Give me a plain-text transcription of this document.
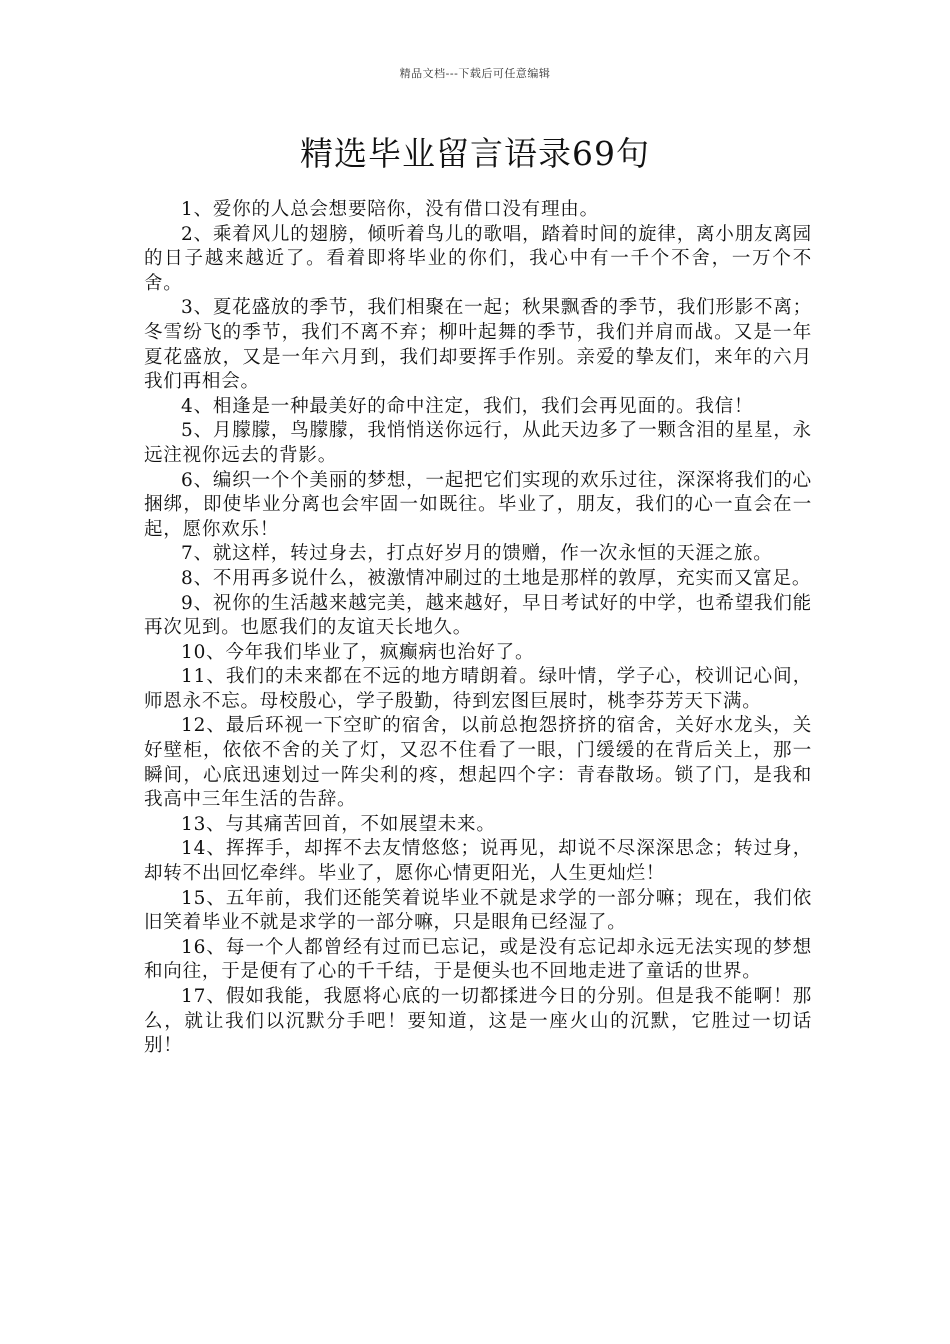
精品文档---下载后可任意编辑
精选毕业留言语录69句

1、爱你的人总会想要陪你，没有借口没有理由。

2、乘着风儿的翅膀，倾听着鸟儿的歌唱，踏着时间的旋律，离小朋友离园的日子越来越近了。看着即将毕业的你们，我心中有一千个不舍，一万个不舍。

3、夏花盛放的季节，我们相聚在一起；秋果飘香的季节，我们形影不离；冬雪纷飞的季节，我们不离不弃；柳叶起舞的季节，我们并肩而战。又是一年夏花盛放，又是一年六月到，我们却要挥手作别。亲爱的挚友们，来年的六月我们再相会。

4、相逢是一种最美好的命中注定，我们，我们会再见面的。我信！

5、月朦朦，鸟朦朦，我悄悄送你远行，从此天边多了一颗含泪的星星，永远注视你远去的背影。

6、编织一个个美丽的梦想，一起把它们实现的欢乐过往，深深将我们的心捆绑，即使毕业分离也会牢固一如既往。毕业了，朋友，我们的心一直会在一起，愿你欢乐！

7、就这样，转过身去，打点好岁月的馈赠，作一次永恒的天涯之旅。

8、不用再多说什么，被激情冲刷过的土地是那样的敦厚，充实而又富足。

9、祝你的生活越来越完美，越来越好，早日考试好的中学，也希望我们能再次见到。也愿我们的友谊天长地久。

10、今年我们毕业了，疯癫病也治好了。

11、我们的未来都在不远的地方晴朗着。绿叶情，学子心，校训记心间，师恩永不忘。母校殷心，学子殷勤，待到宏图巨展时，桃李芬芳天下满。

12、最后环视一下空旷的宿舍，以前总抱怨挤挤的宿舍，关好水龙头，关好壁柜，依依不舍的关了灯，又忍不住看了一眼，门缓缓的在背后关上，那一瞬间，心底迅速划过一阵尖利的疼，想起四个字：青春散场。锁了门，是我和我高中三年生活的告辞。

13、与其痛苦回首，不如展望未来。

14、挥挥手，却挥不去友情悠悠；说再见，却说不尽深深思念；转过身，却转不出回忆牵绊。毕业了，愿你心情更阳光，人生更灿烂！

15、五年前，我们还能笑着说毕业不就是求学的一部分嘛；现在，我们依旧笑着毕业不就是求学的一部分嘛，只是眼角已经湿了。

16、每一个人都曾经有过而已忘记，或是没有忘记却永远无法实现的梦想和向往，于是便有了心的千千结，于是便头也不回地走进了童话的世界。

17、假如我能，我愿将心底的一切都揉进今日的分别。但是我不能啊！那么，就让我们以沉默分手吧！要知道，这是一座火山的沉默，它胜过一切话别！
